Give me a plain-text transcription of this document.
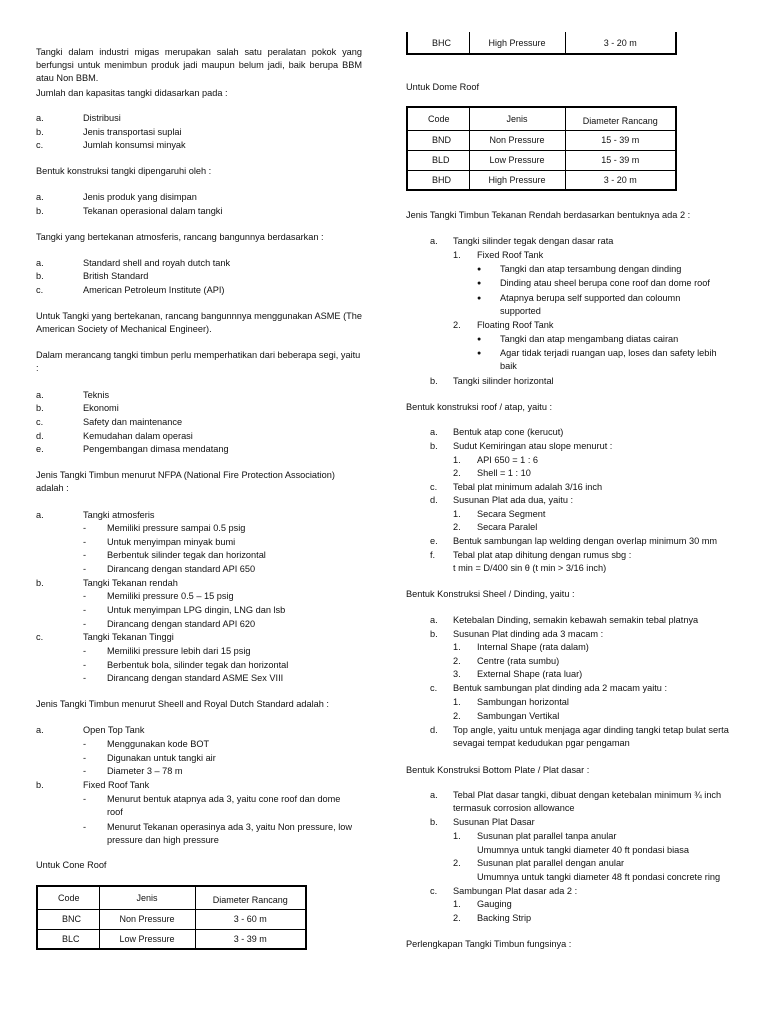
Tangki dalam industri migas merupakan salah satu peralatan pokok yang berfungsi untuk menimbun produk jadi maupun belum jadi, baik berupa BBM atau Non BBM.
Jumlah dan kapasitas tangki didasarkan pada :
a.	Distribusi
b.	Jenis transportasi suplai
c.	Jumlah konsumsi minyak
Bentuk konstruksi tangki dipengaruhi oleh :
a.	Jenis produk yang disimpan
b.	Tekanan operasional dalam tangki
Tangki yang bertekanan atmosferis, rancang bangunnya berdasarkan :
a.	Standard shell and royah dutch tank
b.	British Standard
c.	American Petroleum Institute (API)
Untuk Tangki yang bertekanan, rancang bangunnnya menggunakan ASME (The American Society of Mechanical Engineer).
Dalam merancang tangki timbun perlu memperhatikan dari beberapa segi, yaitu :
a.	Teknis
b.	Ekonomi
c.	Safety dan maintenance
d.	Kemudahan dalam operasi
e.	Pengembangan dimasa mendatang
Jenis Tangki Timbun menurut NFPA (National Fire Protection Association) adalah :
a.	Tangki atmosferis
- Memiliki pressure sampai 0.5 psig
- Untuk menyimpan minyak bumi
- Berbentuk silinder tegak dan horizontal
- Dirancang dengan standard API 650
b.	Tangki Tekanan rendah
- Memiliki pressure 0.5 – 15 psig
- Untuk menyimpan LPG dingin, LNG dan lsb
- Dirancang dengan standard API 620
c.	Tangki Tekanan Tinggi
- Memiliki pressure lebih dari 15 psig
- Berbentuk bola, silinder tegak dan horizontal
- Dirancang dengan standard ASME Sex VIII
Jenis Tangki Timbun menurut Sheell and Royal Dutch Standard adalah :
a.	Open Top Tank
- Menggunakan kode BOT
- Digunakan untuk tangki air
- Diameter 3 – 78 m
b.	Fixed Roof Tank
- Menurut bentuk atapnya ada 3, yaitu cone roof dan dome roof
- Menurut Tekanan operasinya ada 3, yaitu Non pressure, low pressure dan high pressure
Untuk Cone Roof
Code	Jenis	Diameter Rancang
BNC	Non Pressure	3 - 60 m
BLC	Low Pressure	3 - 39 m
BHC	High Pressure	3 - 20 m
Untuk Dome Roof
Code	Jenis	Diameter Rancang
BND	Non Pressure	15 - 39 m
BLD	Low Pressure	15 - 39 m
BHD	High Pressure	3 - 20 m
Jenis Tangki Timbun Tekanan Rendah berdasarkan bentuknya ada 2 :
a. Tangki silinder tegak dengan dasar rata
1. Fixed Roof Tank
● Tangki dan atap tersambung dengan dinding
● Dinding atau sheel berupa cone roof dan dome roof
● Atapnya berupa self supported dan coloumn supported
2. Floating Roof Tank
● Tangki dan atap mengambang diatas cairan
● Agar tidak terjadi ruangan uap, loses dan safety lebih baik
b. Tangki silinder horizontal
Bentuk konstruksi roof / atap, yaitu :
a. Bentuk atap cone (kerucut)
b. Sudut Kemiringan atau slope menurut :
1. API 650 = 1 : 6
2. Shell = 1 : 10
c. Tebal plat minimum adalah 3/16 inch
d. Susunan Plat ada dua, yaitu :
1. Secara Segment
2. Secara Paralel
e. Bentuk sambungan lap welding dengan overlap minimum 30 mm
f. Tebal plat atap dihitung dengan rumus sbg :
t min = D/400 sin θ (t min > 3/16 inch)
Bentuk Konstruksi Sheel / Dinding, yaitu :
a. Ketebalan Dinding, semakin kebawah semakin tebal platnya
b. Susunan Plat dinding ada 3 macam :
1. Internal Shape (rata dalam)
2. Centre (rata sumbu)
3. External Shape (rata luar)
c. Bentuk sambungan plat dinding ada 2 macam yaitu :
1. Sambungan horizontal
2. Sambungan Vertikal
d. Top angle, yaitu untuk menjaga agar dinding tangki tetap bulat serta sevagai tempat kedudukan pgar pengaman
Bentuk Konstruksi Bottom Plate / Plat dasar :
a. Tebal Plat dasar tangki, dibuat dengan ketebalan minimum ¾ inch termasuk corrosion allowance
b. Susunan Plat Dasar
1. Susunan plat parallel tanpa anular
Umumnya untuk tangki diameter 40 ft pondasi biasa
2. Susunan plat parallel dengan anular
Umumnya untuk tangki diameter 48 ft pondasi concrete ring
c. Sambungan Plat dasar ada 2 :
1. Gauging
2. Backing Strip
Perlengkapan Tangki Timbun fungsinya :
